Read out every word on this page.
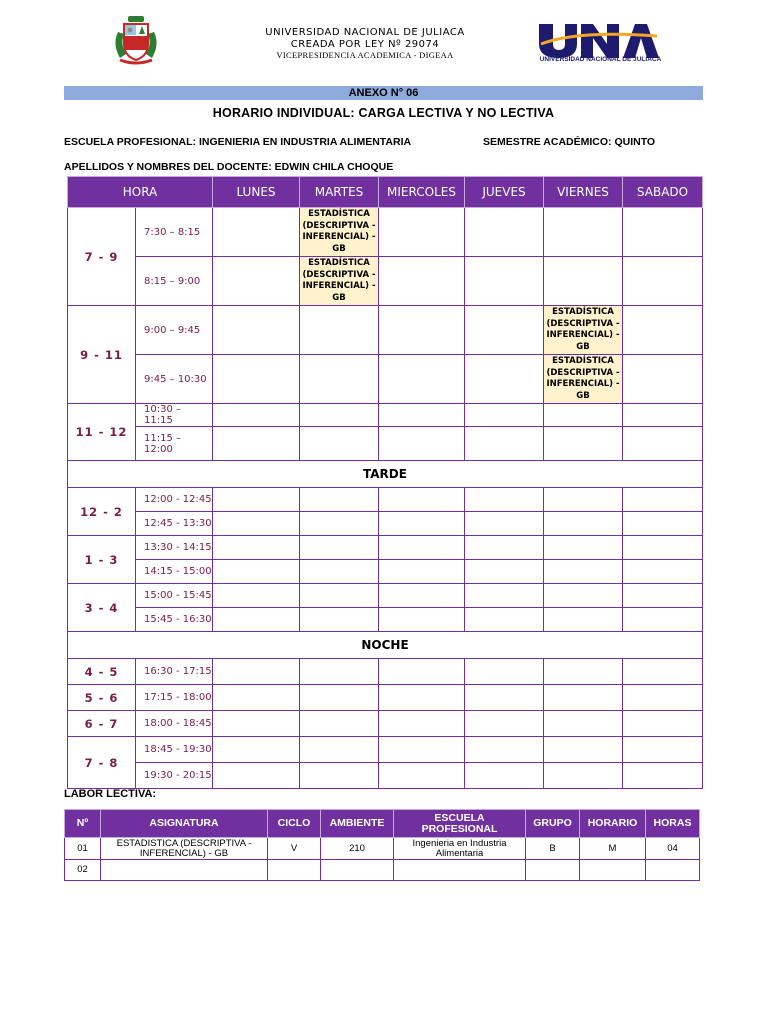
UNIVERSIDAD NACIONAL DE JULIACA
CREADA POR LEY Nº 29074
VICEPRESIDENCIA ACADEMICA - DIGEAA	UNIVERSIDAD NACIONAL DE JULIACA
ANEXO N° 06
HORARIO INDIVIDUAL: CARGA LECTIVA Y NO LECTIVA
ESCUELA PROFESIONAL: INGENIERIA EN INDUSTRIA ALIMENTARIA	SEMESTRE ACADÉMICO: QUINTO
APELLIDOS Y NOMBRES DEL DOCENTE: EDWIN CHILA CHOQUE
HORA		LUNES	MARTES	MIERCOLES	JUEVES	VIERNES	SABADO
7 - 9	7:30 – 8:15		ESTADÍSTICA (DESCRIPTIVA - INFERENCIAL) - GB				
	8:15 – 9:00		ESTADÍSTICA (DESCRIPTIVA - INFERENCIAL) - GB				
9 - 11	9:00 – 9:45					ESTADÍSTICA (DESCRIPTIVA - INFERENCIAL) - GB	
	9:45 – 10:30					ESTADÍSTICA (DESCRIPTIVA - INFERENCIAL) - GB	
11 - 12	10:30 – 11:15						
	11:15 – 12:00						
TARDE							
12 - 2	12:00 - 12:45						
	12:45 - 13:30						
1 - 3	13:30 - 14:15						
	14:15 - 15:00						
3 - 4	15:00 - 15:45						
	15:45 - 16:30						
NOCHE							
4 - 5	16:30 - 17:15						
5 - 6	17:15 - 18:00						
6 - 7	18:00 - 18:45						
7 - 8	18:45 - 19:30						
	19:30 - 20:15						
LABOR LECTIVA:
Nº	ASIGNATURA	CICLO	AMBIENTE	ESCUELA PROFESIONAL	GRUPO	HORARIO	HORAS
01	ESTADISTICA (DESCRIPTIVA - INFERENCIAL) - GB	V	210	Ingenieria en Industria Alimentaria	B	M	04
02							
